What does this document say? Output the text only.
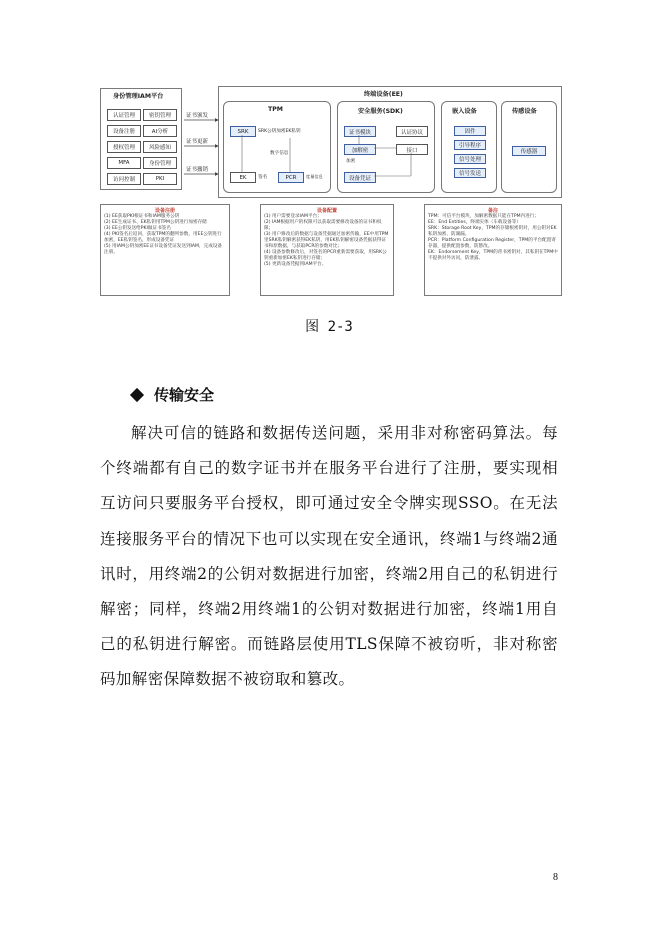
身份管理IAM平台
认证管理	密钥管理
设备注册	AI分析
授权管理	风险感知
MFA	身份管理
访问控制	PKI
证书颁发
证书更新
证书撤销
终端设备(EE)
TPM
SRK	SRK公钥加密EK私钥
数字信息
EK	签名	PCR	度量信息
安全服务(SDK)
证书模块	认证协议
加解密	接口
加密
设备凭证
嵌入设备
固件
引导程序
信号处理
信号发送
传感设备
传感器
设备注册
(1) EE获取PKI根证书和IAM服务公钥
(2) EE生成证书、EK私钥用TPM公钥进行加密存储
(3) EE公钥发送给PKI做证书签名
(4) PKI签名后返回，获取TPM的翻列参数，用EE公钥进行加密，EE私钥签名，形成设备凭证
(5) 用IAM公钥加密EE证书设备凭证发送到IAM，完成设备注册。
设备配置
(1) 用户需要登录IAM平台；
(2) IAM根据用户的权限可以获取需要修改设备的证书和权限；
(3) 用户修改后的数据与设备凭据通过加密传输，EE中用TPM里SRK私钥解密获得EK私钥，用EK私钥解密设备凭据获得证书和原数据，与获取PCR的参数对比；
(4) 设备参数修改后，对签名的PCR重新需要获取，用SRK公钥重新加密EK私钥进行存储；
(5) 更新设备凭据到IAM平台。
备注
TPM：可信平台模块，加解密数据只能在TPM内进行；
EE：End Entities，终端实体（车载设备等）
SRK：Storage Root Key，TPM的存储根密钥对，用公钥对EK私钥加密、防湖漏。
PCR：Platform Configuration Register，TPM的平台配置寄存器，提供配置参数，防篡改。
EK：Endorsement Key，TPM的背书密钥对，其私钥在TPM中不提供对外访问，防泄露。
图 2-3
传输安全

解决可信的链路和数据传送问题，采用非对称密码算法。每个终端都有自己的数字证书并在服务平台进行了注册，要实现相互访问只要服务平台授权，即可通过安全令牌实现SSO。在无法连接服务平台的情况下也可以实现在安全通讯，终端1与终端2通讯时，用终端2的公钥对数据进行加密，终端2用自己的私钥进行解密；同样，终端2用终端1的公钥对数据进行加密，终端1用自己的私钥进行解密。而链路层使用TLS保障不被窃听，非对称密码加解密保障数据不被窃取和篡改。

8
